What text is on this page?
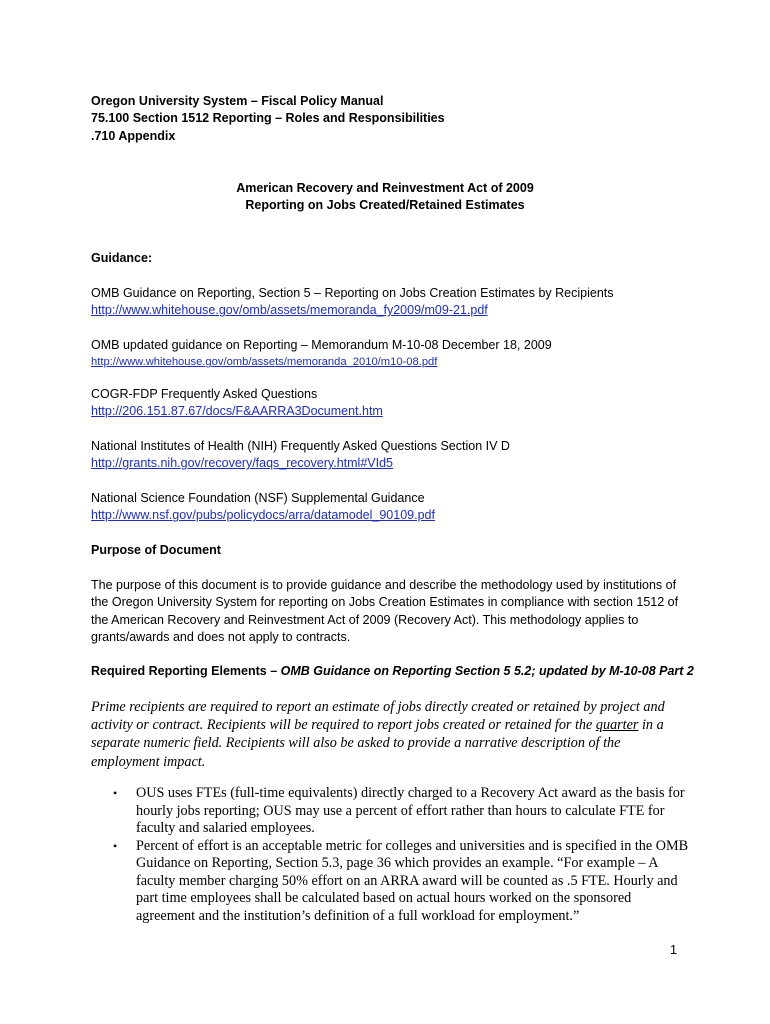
Oregon University System – Fiscal Policy Manual
75.100 Section 1512 Reporting – Roles and Responsibilities
.710 Appendix
American Recovery and Reinvestment Act of 2009
Reporting on Jobs Created/Retained Estimates
Guidance:
OMB Guidance on Reporting, Section 5 – Reporting on Jobs Creation Estimates by Recipients
http://www.whitehouse.gov/omb/assets/memoranda_fy2009/m09-21.pdf
OMB updated guidance on Reporting – Memorandum M-10-08 December 18, 2009
http://www.whitehouse.gov/omb/assets/memoranda_2010/m10-08.pdf
COGR-FDP Frequently Asked Questions
http://206.151.87.67/docs/F&AARRA3Document.htm
National Institutes of Health (NIH) Frequently Asked Questions Section IV D
http://grants.nih.gov/recovery/faqs_recovery.html#VId5
National Science Foundation (NSF) Supplemental Guidance
http://www.nsf.gov/pubs/policydocs/arra/datamodel_90109.pdf
Purpose of Document

The purpose of this document is to provide guidance and describe the methodology used by institutions of the Oregon University System for reporting on Jobs Creation Estimates in compliance with section 1512 of the American Recovery and Reinvestment Act of 2009 (Recovery Act). This methodology applies to grants/awards and does not apply to contracts.

Required Reporting Elements – OMB Guidance on Reporting Section 5 5.2; updated by M-10-08 Part 2

Prime recipients are required to report an estimate of jobs directly created or retained by project and activity or contract. Recipients will be required to report jobs created or retained for the quarter in a separate numeric field. Recipients will also be asked to provide a narrative description of the employment impact.

• OUS uses FTEs (full-time equivalents) directly charged to a Recovery Act award as the basis for hourly jobs reporting; OUS may use a percent of effort rather than hours to calculate FTE for faculty and salaried employees.
• Percent of effort is an acceptable metric for colleges and universities and is specified in the OMB Guidance on Reporting, Section 5.3, page 36 which provides an example. “For example – A faculty member charging 50% effort on an ARRA award will be counted as .5 FTE. Hourly and part time employees shall be calculated based on actual hours worked on the sponsored agreement and the institution’s definition of a full workload for employment.”
1
